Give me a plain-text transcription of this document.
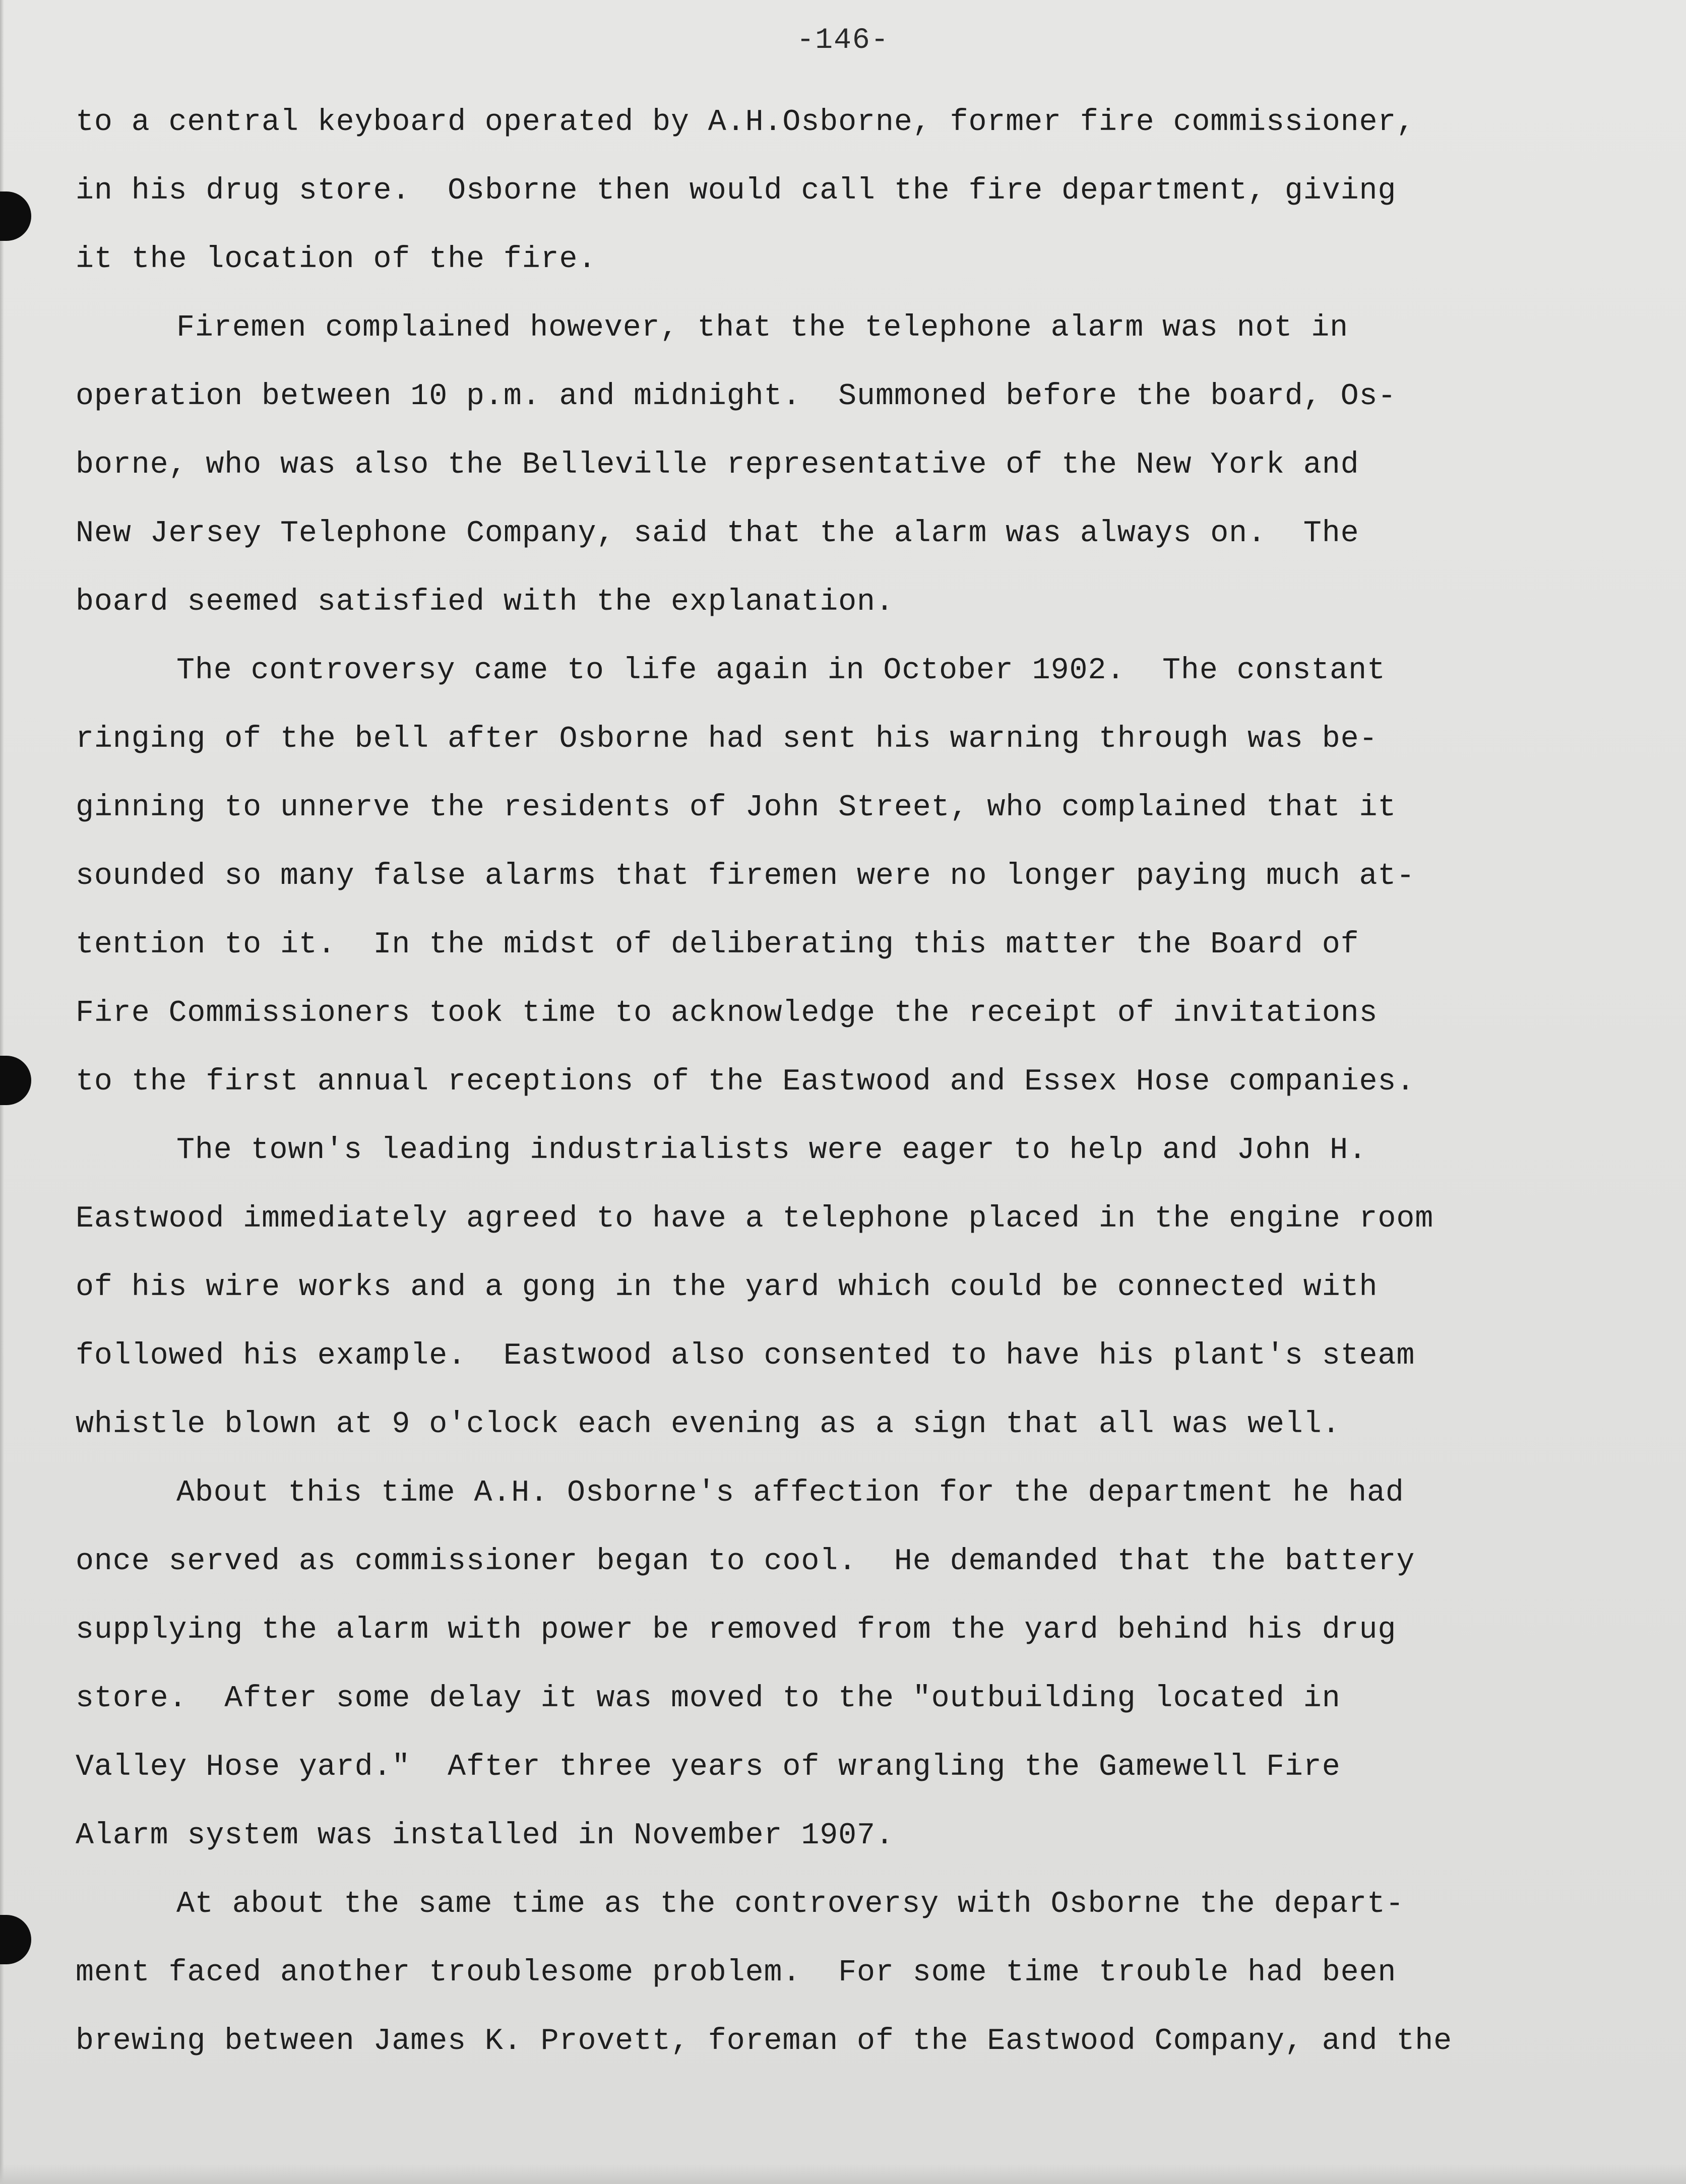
-146-
to a central keyboard operated by A.H.Osborne, former fire commissioner,
in his drug store.  Osborne then would call the fire department, giving
it the location of the fire.
Firemen complained however, that the telephone alarm was not in
operation between 10 p.m. and midnight.  Summoned before the board, Os-
borne, who was also the Belleville representative of the New York and
New Jersey Telephone Company, said that the alarm was always on.  The
board seemed satisfied with the explanation.
The controversy came to life again in October 1902.  The constant
ringing of the bell after Osborne had sent his warning through was be-
ginning to unnerve the residents of John Street, who complained that it
sounded so many false alarms that firemen were no longer paying much at-
tention to it.  In the midst of deliberating this matter the Board of
Fire Commissioners took time to acknowledge the receipt of invitations
to the first annual receptions of the Eastwood and Essex Hose companies.
The town's leading industrialists were eager to help and John H.
Eastwood immediately agreed to have a telephone placed in the engine room
of his wire works and a gong in the yard which could be connected with
followed his example.  Eastwood also consented to have his plant's steam
whistle blown at 9 o'clock each evening as a sign that all was well.
About this time A.H. Osborne's affection for the department he had
once served as commissioner began to cool.  He demanded that the battery
supplying the alarm with power be removed from the yard behind his drug
store.  After some delay it was moved to the "outbuilding located in
Valley Hose yard."  After three years of wrangling the Gamewell Fire
Alarm system was installed in November 1907.
At about the same time as the controversy with Osborne the depart-
ment faced another troublesome problem.  For some time trouble had been
brewing between James K. Provett, foreman of the Eastwood Company, and the
